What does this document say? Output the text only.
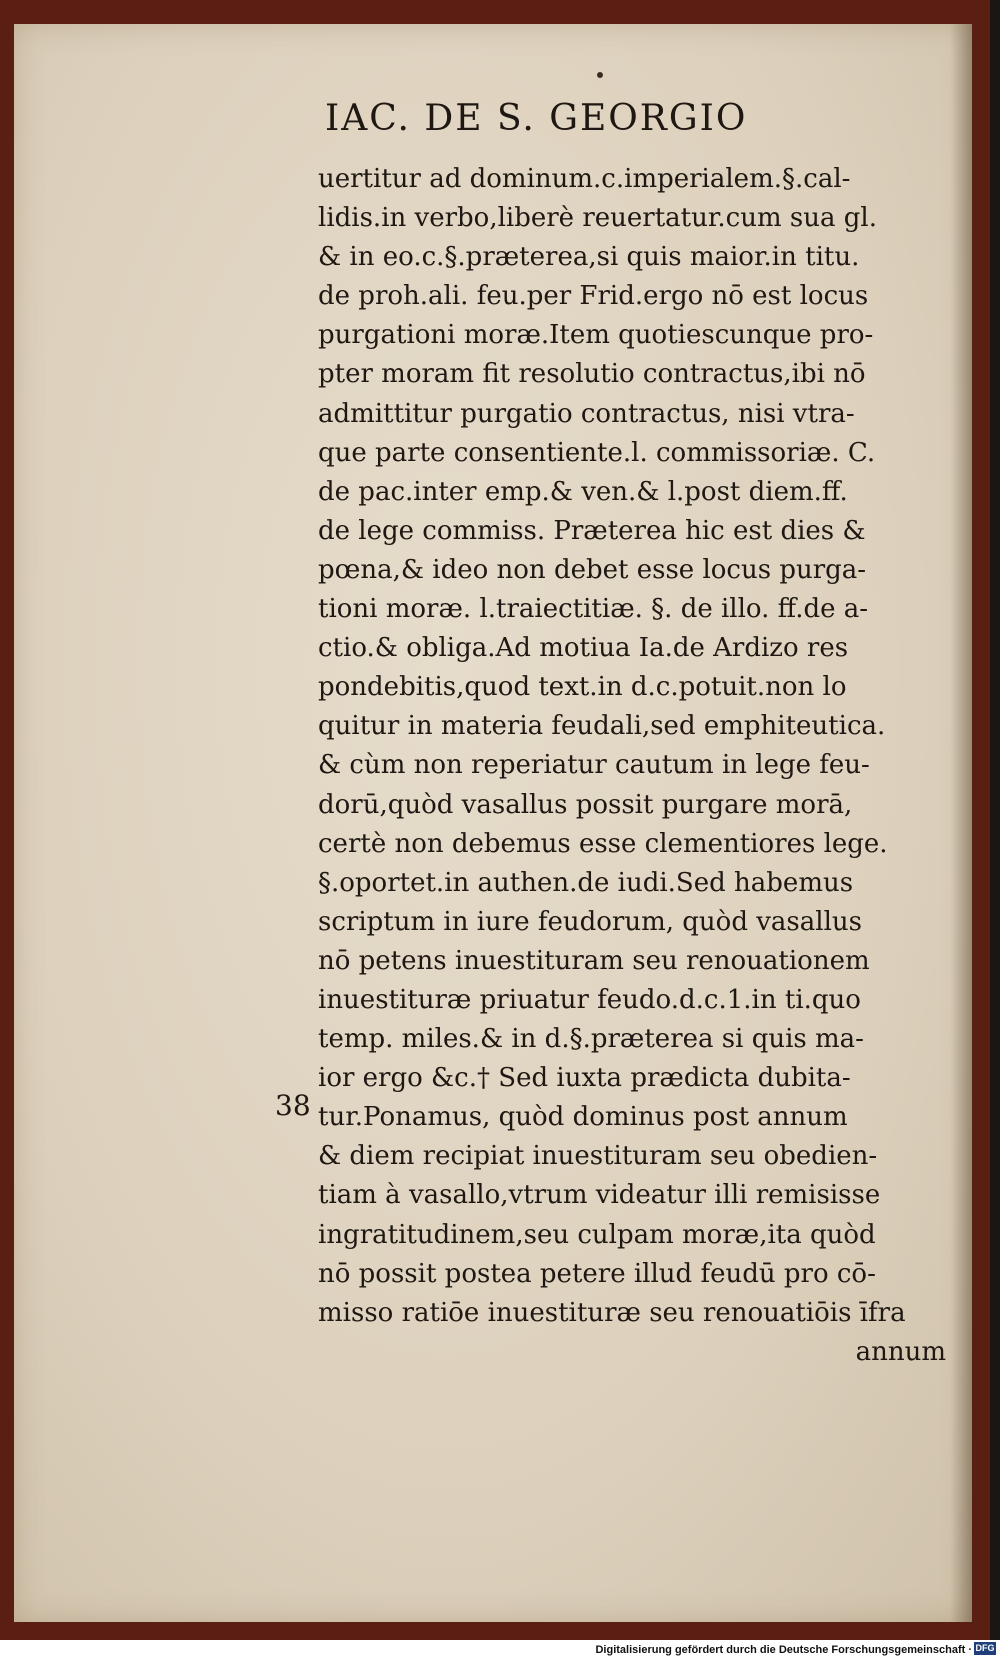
IAC. DE S. GEORGIO
38
uertitur ad dominum.c.imperialem.§.cal-
lidis.in verbo,liberè reuertatur.cum sua gl.
& in eo.c.§.præterea,si quis maior.in titu.
de proh.ali. feu.per Frid.ergo nō est locus
purgationi moræ.Item quotiescunque pro-
pter moram fit resolutio contractus,ibi nō
admittitur purgatio contractus, nisi vtra-
que parte consentiente.l. commissoriæ. C.
de pac.inter emp.& ven.& l.post diem.ff.
de lege commiss. Præterea hic est dies &
pœna,& ideo non debet esse locus purga-
tioni moræ. l.traiectitiæ. §. de illo. ff.de a-
ctio.& obliga.Ad motiua Ia.de Ardizo res
pondebitis,quod text.in d.c.potuit.non lo
quitur in materia feudali,sed emphiteutica.
& cùm non reperiatur cautum in lege feu-
dorū,quòd vasallus possit purgare morā,
certè non debemus esse clementiores lege.
§.oportet.in authen.de iudi.Sed habemus
scriptum in iure feudorum, quòd vasallus
nō petens inuestituram seu renouationem
inuestituræ priuatur feudo.d.c.1.in ti.quo
temp. miles.& in d.§.præterea si quis ma-
ior ergo &c.† Sed iuxta prædicta dubita-
tur.Ponamus, quòd dominus post annum
& diem recipiat inuestituram seu obedien-
tiam à vasallo,vtrum videatur illi remisisse
ingratitudinem,seu culpam moræ,ita quòd
nō possit postea petere illud feudū pro cō-
misso ratiōe inuestituræ seu renouatiōis īfra
annum
Digitalisierung gefördert durch die Deutsche Forschungsgemeinschaft · DFG
